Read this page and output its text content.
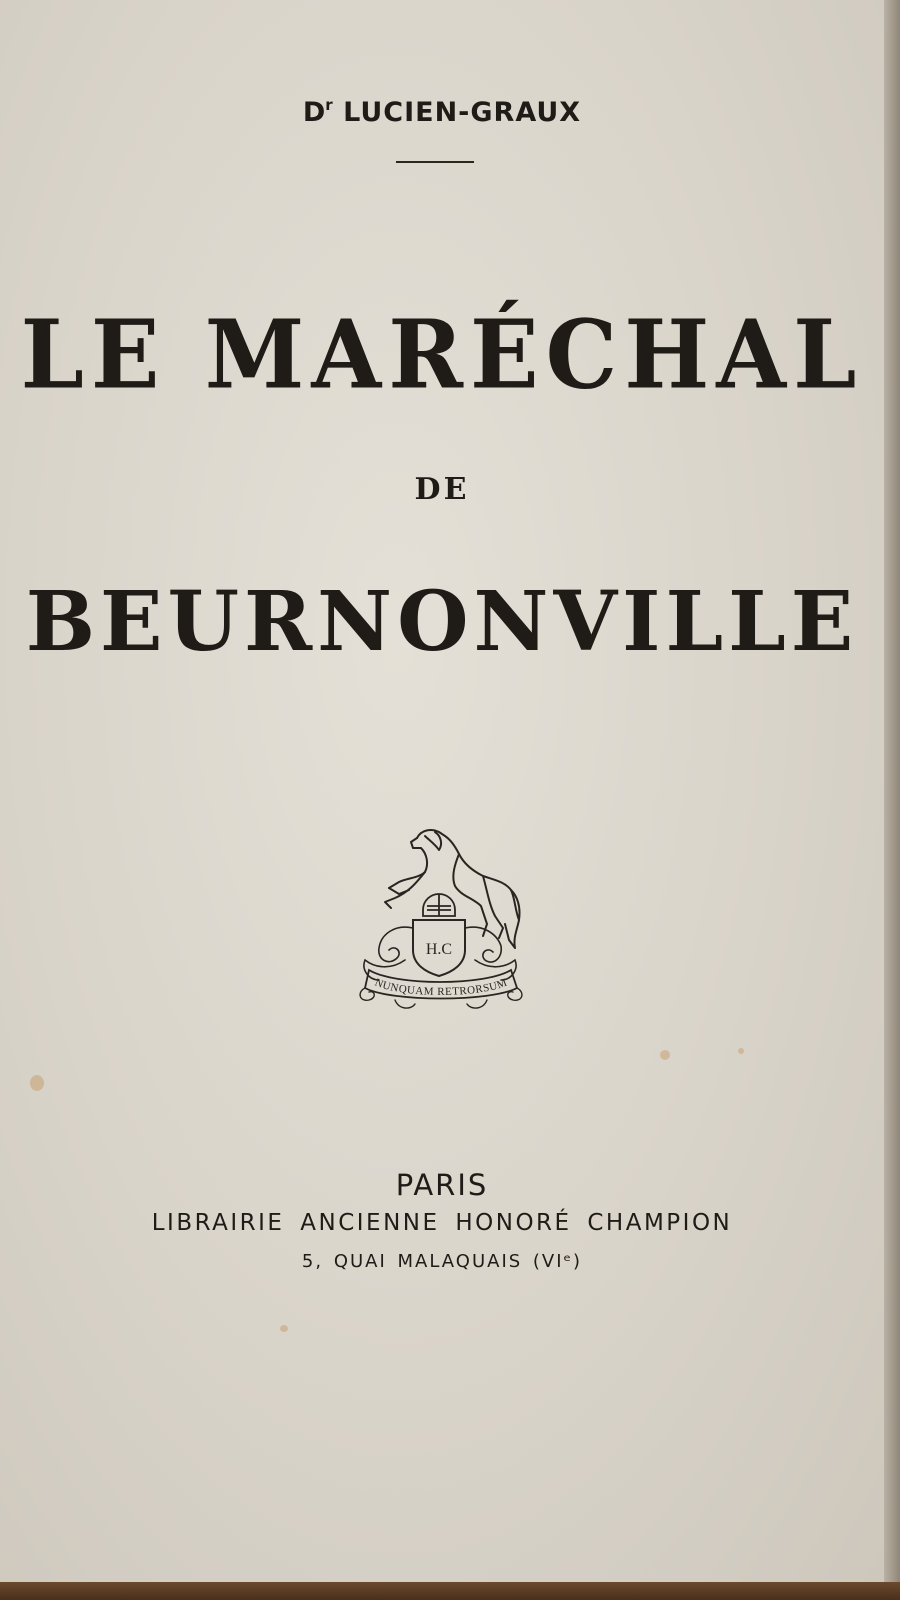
$D^r$ LUCIEN-GRAUX
LE MARÉCHAL
DE
BEURNONVILLE
H.C
NUNQUAM RETRORSUM
PARIS
LIBRAIRIE ANCIENNE HONORÉ CHAMPION
5, QUAI MALAQUAIS (VIᵉ)
